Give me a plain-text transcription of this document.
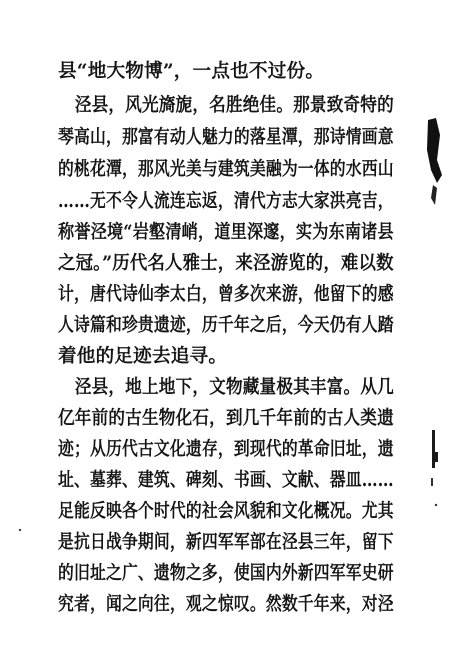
县“地大物博”，一点也不过份。
　泾县，风光旖旎，名胜绝佳。那景致奇特的
琴高山，那富有动人魅力的落星潭，那诗情画意
的桃花潭，那风光美与建筑美融为一体的水西山
……无不令人流连忘返，清代方志大家洪亮吉，
称誉泾境“岩壑清峭，道里深邃，实为东南诸县
之冠。”历代名人雅士，来泾游览的，难以数
计，唐代诗仙李太白，曾多次来游，他留下的感
人诗篇和珍贵遗迹，历千年之后，今天仍有人踏
着他的足迹去追寻。
　泾县，地上地下，文物藏量极其丰富。从几
亿年前的古生物化石，到几千年前的古人类遗
迹；从历代古文化遗存，到现代的革命旧址，遗
址、墓葬、建筑、碑刻、书画、文献、器皿……
足能反映各个时代的社会风貌和文化概况。尤其
是抗日战争期间，新四军军部在泾县三年，留下
的旧址之广、遗物之多，使国内外新四军军史研
究者，闻之向往，观之惊叹。然数千年来，对泾
